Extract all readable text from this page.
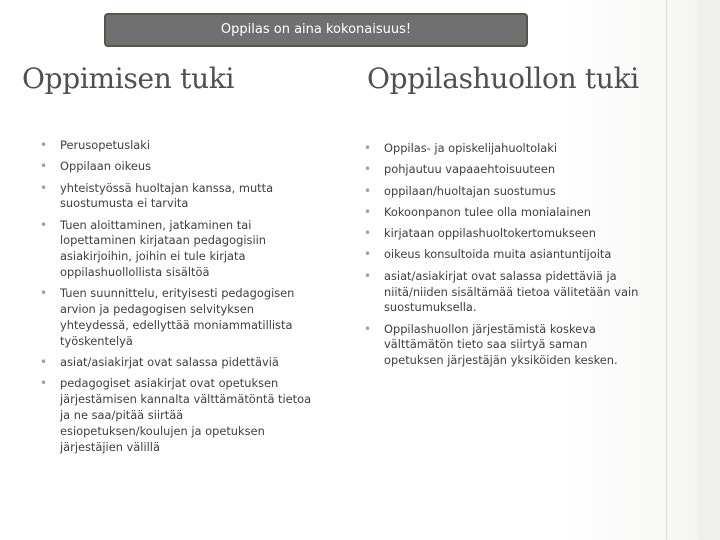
Oppilas on aina kokonaisuus!
Oppimisen tuki	Oppilashuollon tuki
• Perusopetuslaki
• Oppilaan oikeus
• yhteistyössä huoltajan kanssa, mutta suostumusta ei tarvita
• Tuen aloittaminen, jatkaminen tai lopettaminen kirjataan pedagogisiin asiakirjoihin, joihin ei tule kirjata oppilashuollollista sisältöä
• Tuen suunnittelu, erityisesti pedagogisen arvion ja pedagogisen selvityksen yhteydessä, edellyttää moniammatillista työskentelyä
• asiat/asiakirjat ovat salassa pidettäviä
• pedagogiset asiakirjat ovat opetuksen järjestämisen kannalta välttämätöntä tietoa ja ne saa/pitää siirtää esiopetuksen/koulujen ja opetuksen järjestäjien välillä
• Oppilas- ja opiskelijahuoltolaki
• pohjautuu vapaaehtoisuuteen
• oppilaan/huoltajan suostumus
• Kokoonpanon tulee olla monialainen
• kirjataan oppilashuoltokertomukseen
• oikeus konsultoida muita asiantuntijoita
• asiat/asiakirjat ovat salassa pidettäviä ja niitä/niiden sisältämää tietoa välitetään vain suostumuksella.
• Oppilashuollon järjestämistä koskeva välttämätön tieto saa siirtyä saman opetuksen järjestäjän yksiköiden kesken.
